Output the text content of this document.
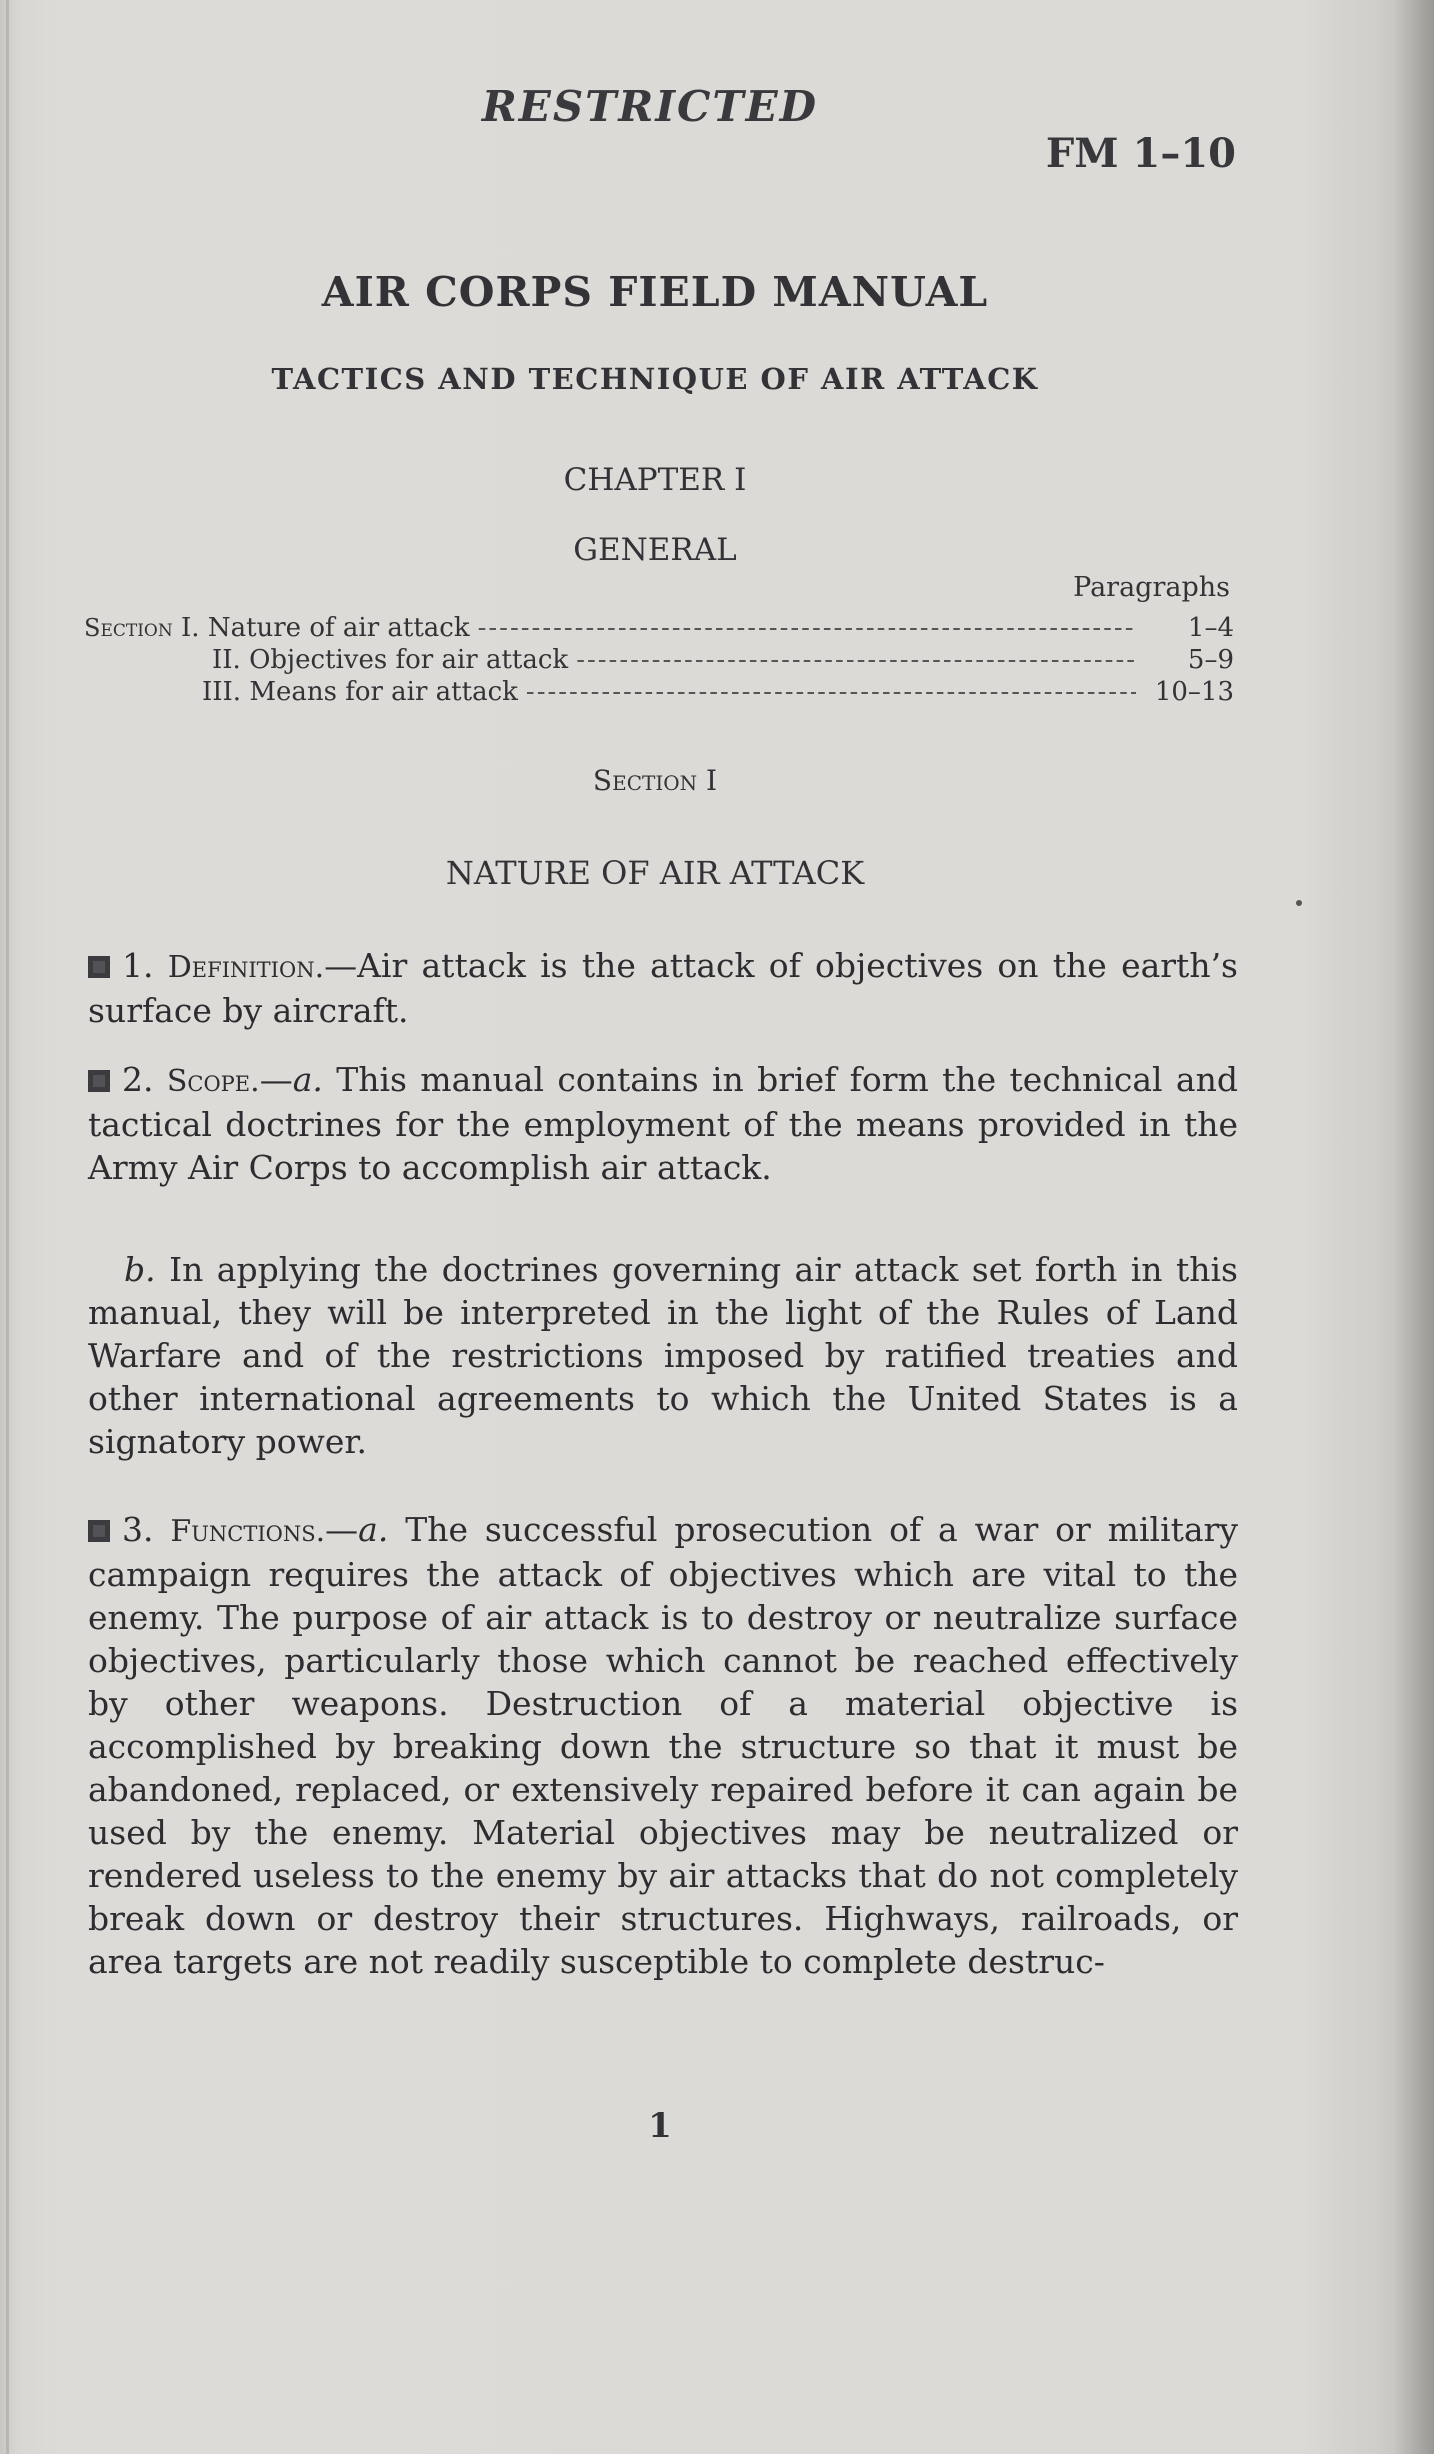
RESTRICTED
FM 1–10
AIR CORPS FIELD MANUAL
TACTICS AND TECHNIQUE OF AIR ATTACK
CHAPTER I
GENERAL
Paragraphs
Section I. Nature of air attack -----	1–4
II. Objectives for air attack -----	5–9
III. Means for air attack -----	10–13
Section I
NATURE OF AIR ATTACK
1. Definition.—Air attack is the attack of objectives on the earth’s surface by aircraft.
2. Scope.—a. This manual contains in brief form the technical and tactical doctrines for the employment of the means provided in the Army Air Corps to accomplish air attack.
b. In applying the doctrines governing air attack set forth in this manual, they will be interpreted in the light of the Rules of Land Warfare and of the restrictions imposed by ratified treaties and other international agreements to which the United States is a signatory power.
3. Functions.—a. The successful prosecution of a war or military campaign requires the attack of objectives which are vital to the enemy. The purpose of air attack is to destroy or neutralize surface objectives, particularly those which cannot be reached effectively by other weapons. Destruction of a material objective is accomplished by breaking down the structure so that it must be abandoned, replaced, or extensively repaired before it can again be used by the enemy. Material objectives may be neutralized or rendered useless to the enemy by air attacks that do not completely break down or destroy their structures. Highways, railroads, or area targets are not readily susceptible to complete destruc-
1
